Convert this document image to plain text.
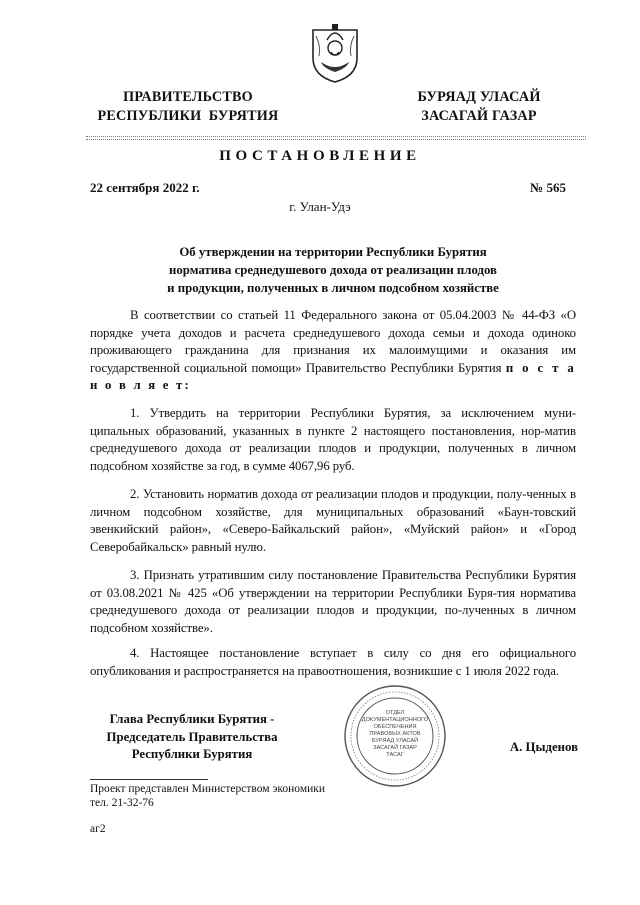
ПРАВИТЕЛЬСТВО
РЕСПУБЛИКИ  БУРЯТИЯ
БУРЯАД УЛАСАЙ
ЗАСАГАЙ ГАЗАР
ПОСТАНОВЛЕНИЕ
22 сентября 2022 г.	№ 565
г. Улан-Удэ
Об утверждении на территории Республики Бурятия
норматива среднедушевого дохода от реализации плодов
и продукции, полученных в личном подсобном хозяйстве
В соответствии со статьей 11 Федерального закона от 05.04.2003 № 44-ФЗ «О порядке учета доходов и расчета среднедушевого дохода семьи и дохода одиноко проживающего гражданина для признания их малоимущими и оказания им государственной социальной помощи» Правительство Республики Бурятия п о с т а н о в л я е т:
1. Утвердить на территории Республики Бурятия, за исключением муни-ципальных образований, указанных в пункте 2 настоящего постановления, нор-матив среднедушевого дохода от реализации плодов и продукции, полученных в личном подсобном хозяйстве за год, в сумме 4067,96 руб.
2. Установить норматив дохода от реализации плодов и продукции, полу-ченных в личном подсобном хозяйстве, для муниципальных образований «Баун-товский эвенкийский район», «Северо-Байкальский район», «Муйский район» и «Город Северобайкальск» равный нулю.
3. Признать утратившим силу постановление Правительства Республики Бурятия от 03.08.2021 № 425 «Об утверждении на территории Республики Буря-тия норматива среднедушевого дохода от реализации плодов и продукции, по-лученных в личном подсобном хозяйстве».
4. Настоящее постановление вступает в силу со дня его официального опубликования и распространяется на правоотношения, возникшие с 1 июля 2022 года.
Глава Республики Бурятия -
Председатель Правительства
Республики Бурятия
ОТДЕЛ
ДОКУМЕНТАЦИОННОГО
ОБЕСПЕЧЕНИЯ
ПРАВОВЫХ АКТОВ
БУРЯАД УЛАСАЙ
ЗАСАГАЙ ГАЗАР
ТАСАГ
А. Цыденов
Проект представлен Министерством экономики
тел. 21-32-76
аг2
